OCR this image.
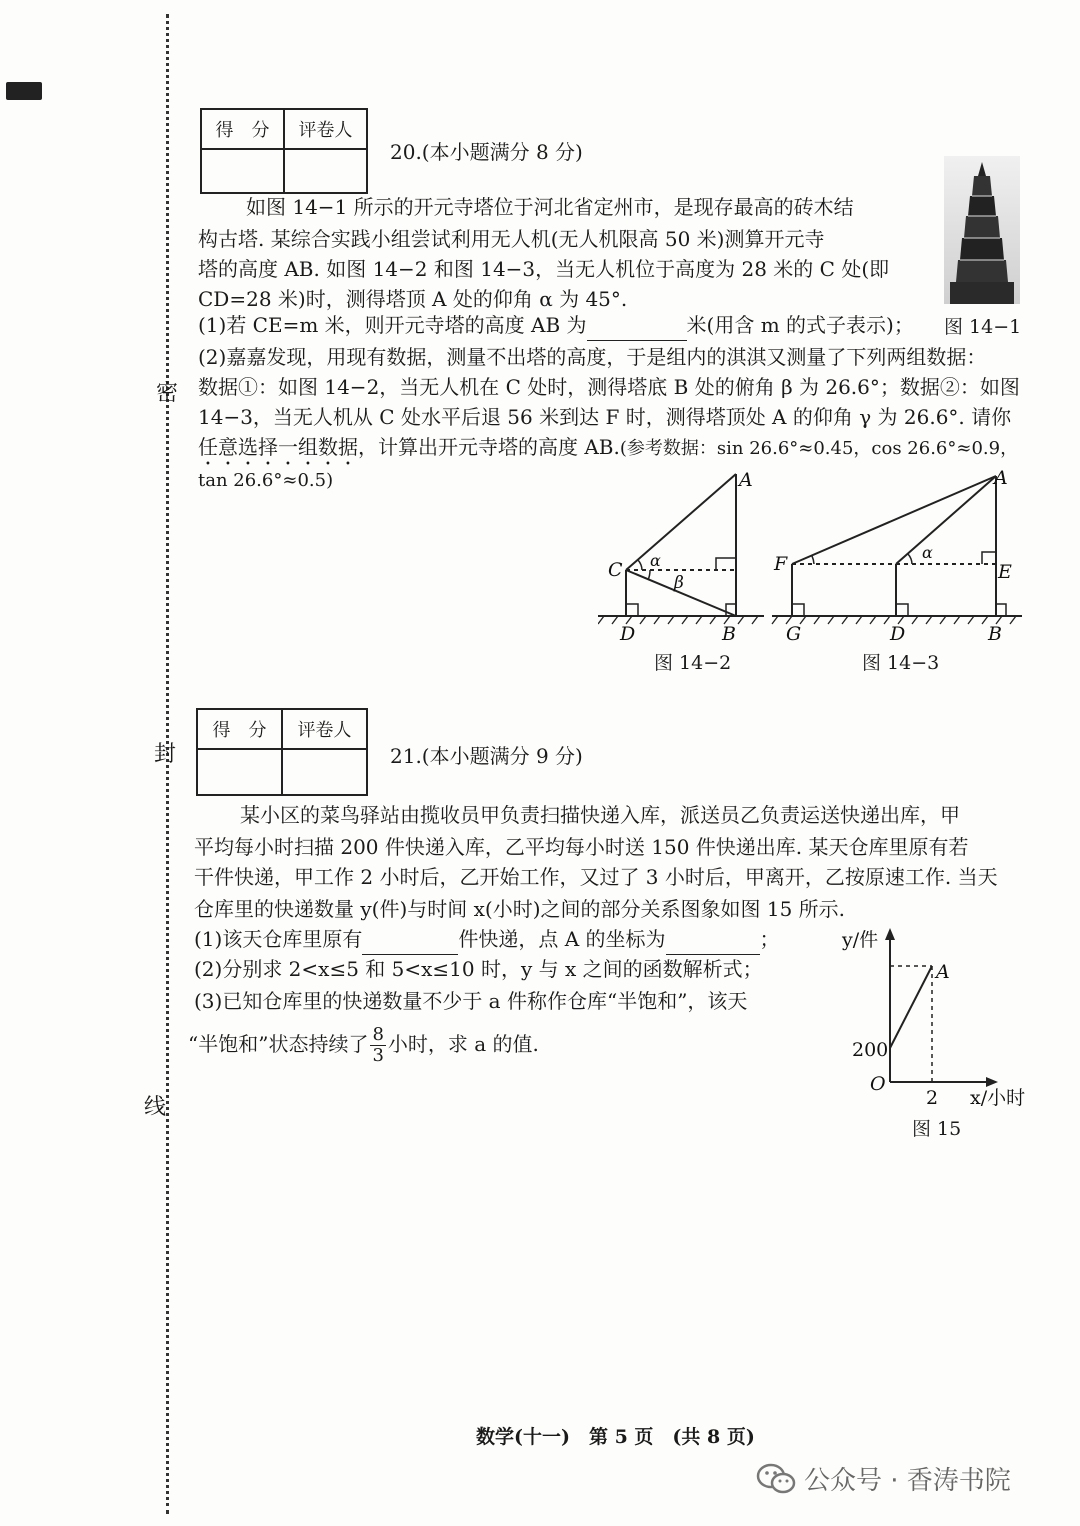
密
封
线
得　分	评卷人

20.(本小题满分 8 分)
如图 14−1 所示的开元寺塔位于河北省定州市，是现存最高的砖木结
构古塔. 某综合实践小组尝试利用无人机(无人机限高 50 米)测算开元寺
塔的高度 AB. 如图 14−2 和图 14−3，当无人机位于高度为 28 米的 C 处(即
CD=28 米)时，测得塔顶 A 处的仰角 α 为 45°.
(1)若 CE=m 米，则开元寺塔的高度 AB 为	米(用含 m 的式子表示)；
(2)嘉嘉发现，用现有数据，测量不出塔的高度，于是组内的淇淇又测量了下列两组数据：
数据①：如图 14−2，当无人机在 C 处时，测得塔底 B 处的俯角 β 为 26.6°；数据②：如图
14−3，当无人机从 C 处水平后退 56 米到达 F 时，测得塔顶处 A 的仰角 γ 为 26.6°. 请你
任意选择一组数据，计算出开元寺塔的高度 AB.(参考数据：sin 26.6°≈0.45，cos 26.6°≈0.9，
tan 26.6°≈0.5)
图 14−1
A
C
D	B
α
β
图 14−2
A
F	E
G	D	B
α
图 14−3
得　分	评卷人

21.(本小题满分 9 分)
某小区的菜鸟驿站由揽收员甲负责扫描快递入库，派送员乙负责运送快递出库，甲
平均每小时扫描 200 件快递入库，乙平均每小时送 150 件快递出库. 某天仓库里原有若
干件快递，甲工作 2 小时后，乙开始工作，又过了 3 小时后，甲离开，乙按原速工作. 当天
仓库里的快递数量 y(件)与时间 x(小时)之间的部分关系图象如图 15 所示.
(1)该天仓库里原有	件快递，点 A 的坐标为	；
(2)分别求 2<x≤5 和 5<x≤10 时，y 与 x 之间的函数解析式；
(3)已知仓库里的快递数量不少于 a 件称作仓库“半饱和”，该天
“半饱和”状态持续了 $\frac{8}{3}$ 小时，求 a 的值.
y/件
A
200
O
2 x/小时
图 15
数学(十一)　第 5 页　(共 8 页)
公众号 · 香涛书院
